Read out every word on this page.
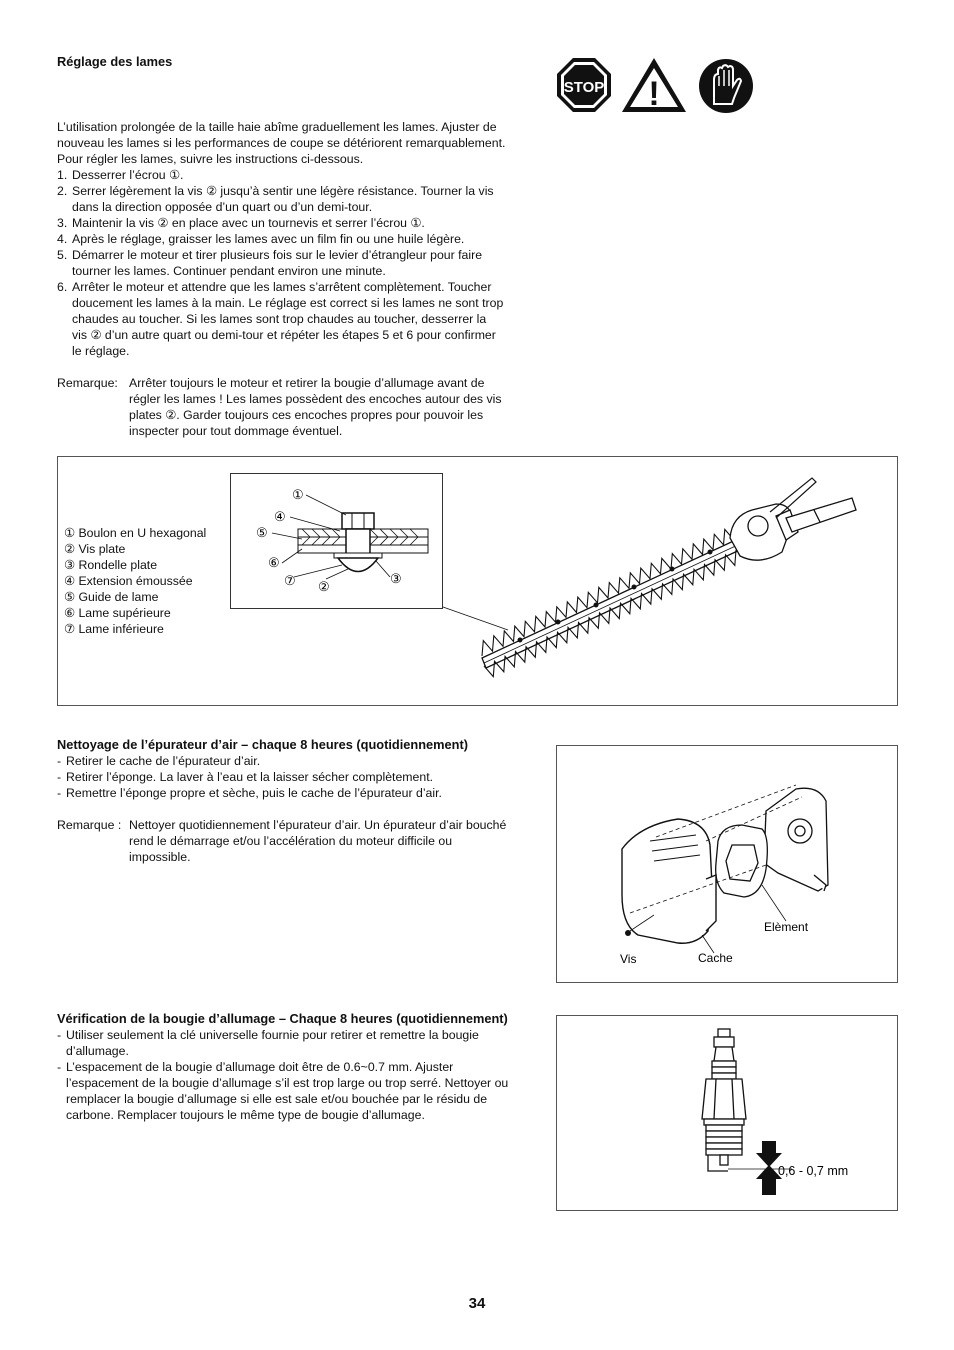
Réglage des lames
STOP !
L’utilisation prolongée de la taille haie abîme graduellement les lames. Ajuster de
nouveau les lames si les performances de coupe se détériorent remarquablement.
Pour régler les lames, suivre les instructions ci-dessous.
1. Desserrer l’écrou ①.
2. Serrer légèrement la vis ② jusqu’à sentir une légère résistance. Tourner la vis
dans la direction opposée d’un quart ou d’un demi-tour.
3. Maintenir la vis ② en place avec un tournevis et serrer l’écrou ①.
4. Après le réglage, graisser les lames avec un film fin ou une huile légère.
5. Démarrer le moteur et tirer plusieurs fois sur le levier d’étrangleur pour faire
tourner les lames. Continuer pendant environ une minute.
6. Arrêter le moteur et attendre que les lames s’arrêtent complètement. Toucher
doucement les lames à la main. Le réglage est correct si les lames ne sont trop
chaudes au toucher. Si les lames sont trop chaudes au toucher, desserrer la
vis ② d’un autre quart ou demi-tour et répéter les étapes 5 et 6 pour confirmer
le réglage.
Remarque: Arrêter toujours le moteur et retirer la bougie d’allumage avant de
régler les lames ! Les lames possèdent des encoches autour des vis
plates ②. Garder toujours ces encoches propres pour pouvoir les
inspecter pour tout dommage éventuel.
① Boulon en U hexagonal
② Vis plate
③ Rondelle plate
④ Extension émoussée
⑤ Guide de lame
⑥ Lame supérieure
⑦ Lame inférieure
①
④
⑤
⑥
⑦ ②
③
Nettoyage de l’épurateur d’air – chaque 8 heures (quotidiennement)
- Retirer le cache de l’épurateur d’air.
- Retirer l’éponge. La laver à l’eau et la laisser sécher complètement.
- Remettre l’éponge propre et sèche, puis le cache de l’épurateur d’air.
Remarque : Nettoyer quotidiennement l’épurateur d’air. Un épurateur d’air bouché
rend le démarrage et/ou l’accélération du moteur difficile ou
impossible.
Elèment
Vis	Cache
Vérification de la bougie d’allumage – Chaque 8 heures (quotidiennement)
- Utiliser seulement la clé universelle fournie pour retirer et remettre la bougie
d’allumage.
- L’espacement de la bougie d’allumage doit être de 0.6~0.7 mm. Ajuster
l’espacement de la bougie d’allumage s’il est trop large ou trop serré. Nettoyer ou
remplacer la bougie d’allumage si elle est sale et/ou bouchée par le résidu de
carbone. Remplacer toujours le même type de bougie d’allumage.
0,6 - 0,7 mm
34
